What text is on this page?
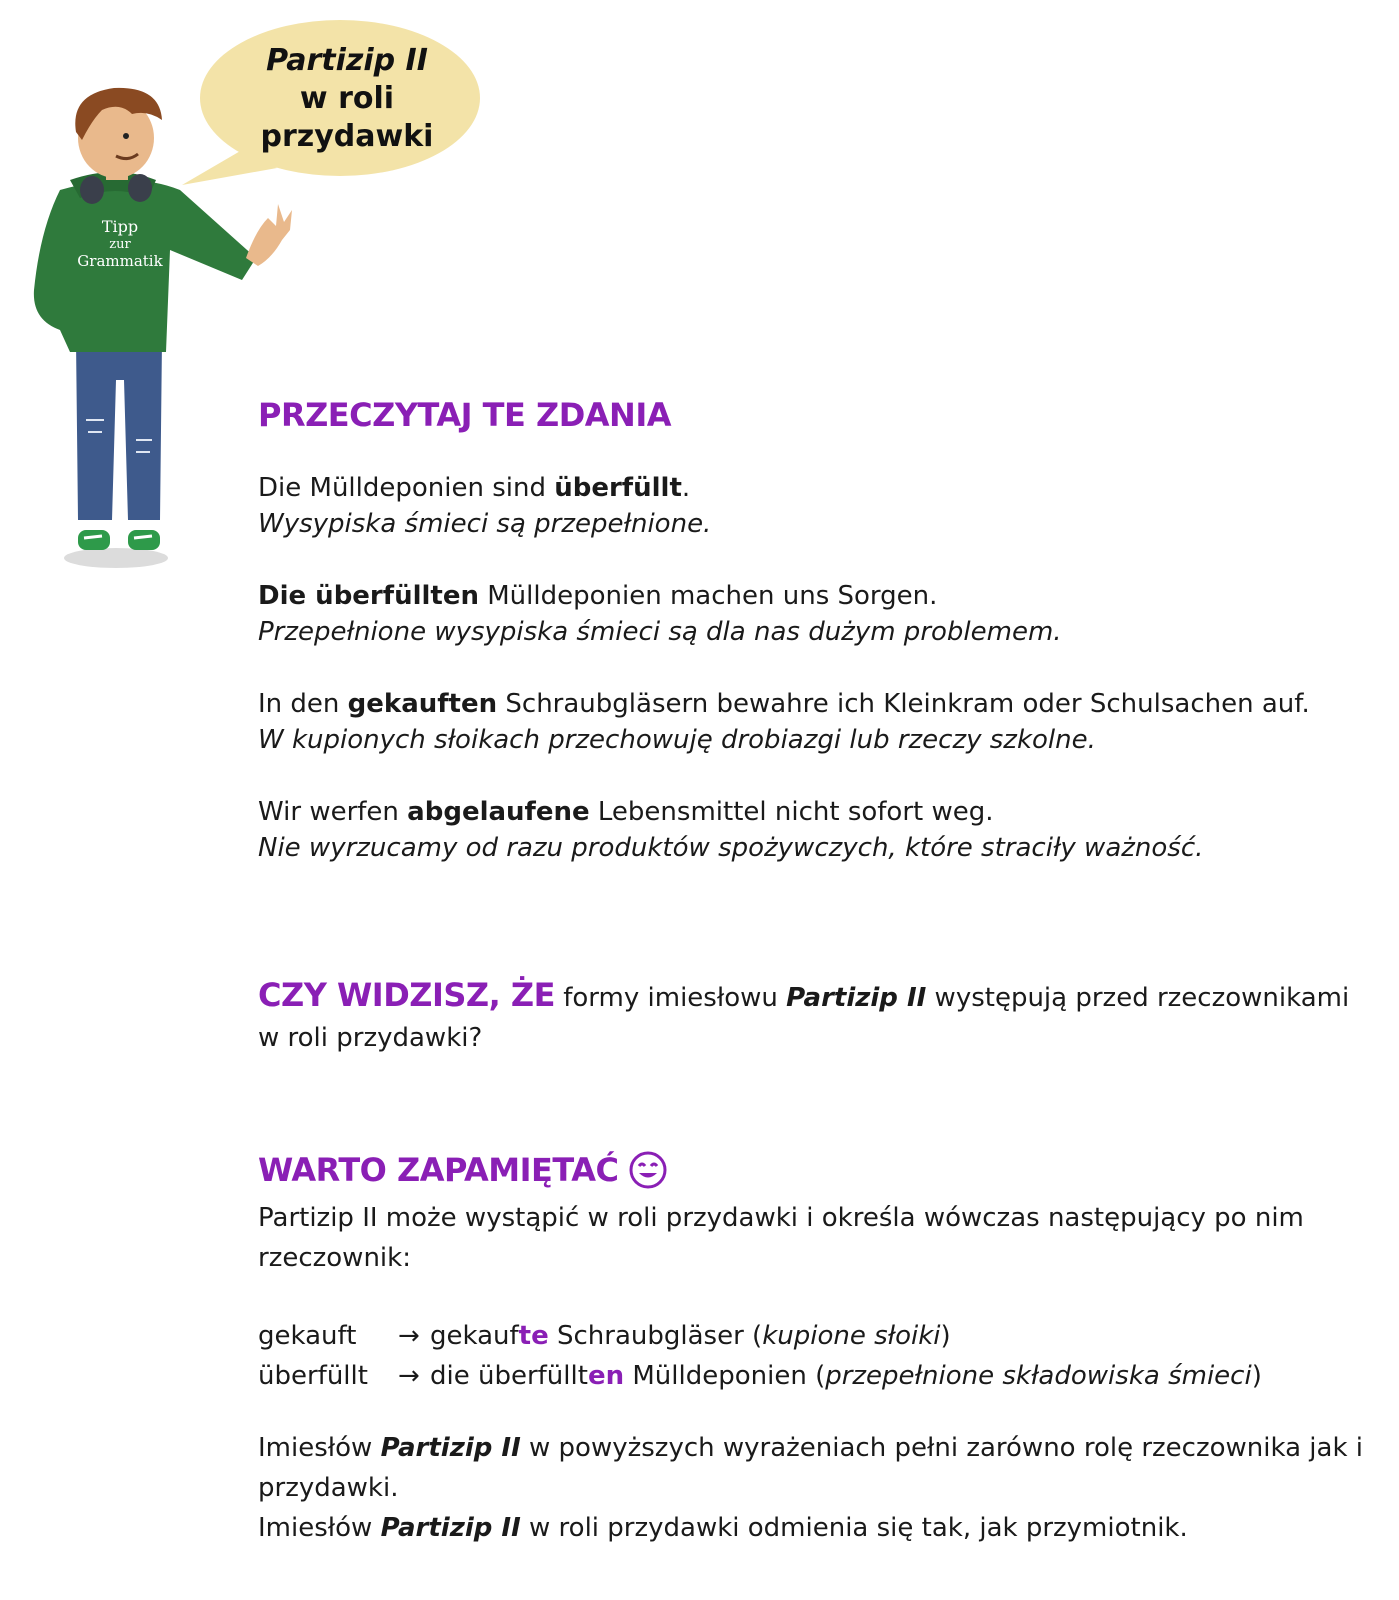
Partizip II
w roli
przydawki
Tipp
zur
Grammatik
PRZECZYTAJ TE ZDANIA

Die Mülldeponien sind überfüllt.

Wysypiska śmieci są przepełnione.

Die überfüllten Mülldeponien machen uns Sorgen.

Przepełnione wysypiska śmieci są dla nas dużym problemem.

In den gekauften Schraubgläsern bewahre ich Kleinkram oder Schulsachen auf.

W kupionych słoikach przechowuję drobiazgi lub rzeczy szkolne.

Wir werfen abgelaufene Lebensmittel nicht sofort weg.

Nie wyrzucamy od razu produktów spożywczych, które straciły ważność.

CZY WIDZISZ, ŻE formy imiesłowu Partizip II występują przed rzeczownikami w roli przydawki?
WARTO ZAPAMIĘTAĆ

Partizip II może wystąpić w roli przydawki i określa wówczas następujący po nim rzeczownik:

gekauft → gekaufte Schraubgläser (kupione słoiki)
überfüllt → die überfüllten Mülldeponien (przepełnione składowiska śmieci)

Imiesłów Partizip II w powyższych wyrażeniach pełni zarówno rolę rzeczownika jak i przydawki.

Imiesłów Partizip II w roli przydawki odmienia się tak, jak przymiotnik.
